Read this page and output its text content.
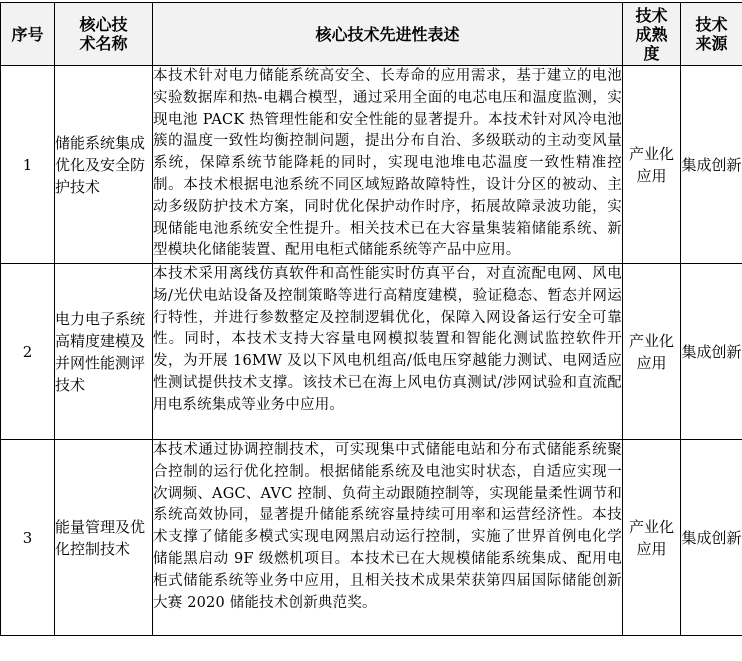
序号	核心技术名称	核心技术先进性表述	技术成熟度	技术来源

1	储能系统集成优化及安全防护技术	本技术针对电力储能系统高安全、长寿命的应用需求，基于建立的电池实验数据库和热-电耦合模型，通过采用全面的电芯电压和温度监测，实现电池 PACK 热管理性能和安全性能的显著提升。本技术针对风冷电池簇的温度一致性均衡控制问题，提出分布自治、多级联动的主动变风量系统，保障系统节能降耗的同时，实现电池堆电芯温度一致性精准控制。本技术根据电池系统不同区域短路故障特性，设计分区的被动、主动多级防护技术方案，同时优化保护动作时序，拓展故障录波功能，实现储能电池系统安全性提升。相关技术已在大容量集装箱储能系统、新型模块化储能装置、配用电柜式储能系统等产品中应用。	产业化应用	集成创新
2	电力电子系统高精度建模及并网性能测评技术	本技术采用离线仿真软件和高性能实时仿真平台，对直流配电网、风电场/光伏电站设备及控制策略等进行高精度建模，验证稳态、暂态并网运行特性，并进行参数整定及控制逻辑优化，保障入网设备运行安全可靠性。同时，本技术支持大容量电网模拟装置和智能化测试监控软件开发，为开展 16MW 及以下风电机组高/低电压穿越能力测试、电网适应性测试提供技术支撑。该技术已在海上风电仿真测试/涉网试验和直流配用电系统集成等业务中应用。	产业化应用	集成创新
3	能量管理及优化控制技术	本技术通过协调控制技术，可实现集中式储能电站和分布式储能系统聚合控制的运行优化控制。根据储能系统及电池实时状态，自适应实现一次调频、AGC、AVC 控制、负荷主动跟随控制等，实现能量柔性调节和系统高效协同，显著提升储能系统容量持续可用率和运营经济性。本技术支撑了储能多模式实现电网黑启动运行控制，实施了世界首例电化学储能黑启动 9F 级燃机项目。本技术已在大规模储能系统集成、配用电柜式储能系统等业务中应用，且相关技术成果荣获第四届国际储能创新大赛 2020 储能技术创新典范奖。	产业化应用	集成创新
